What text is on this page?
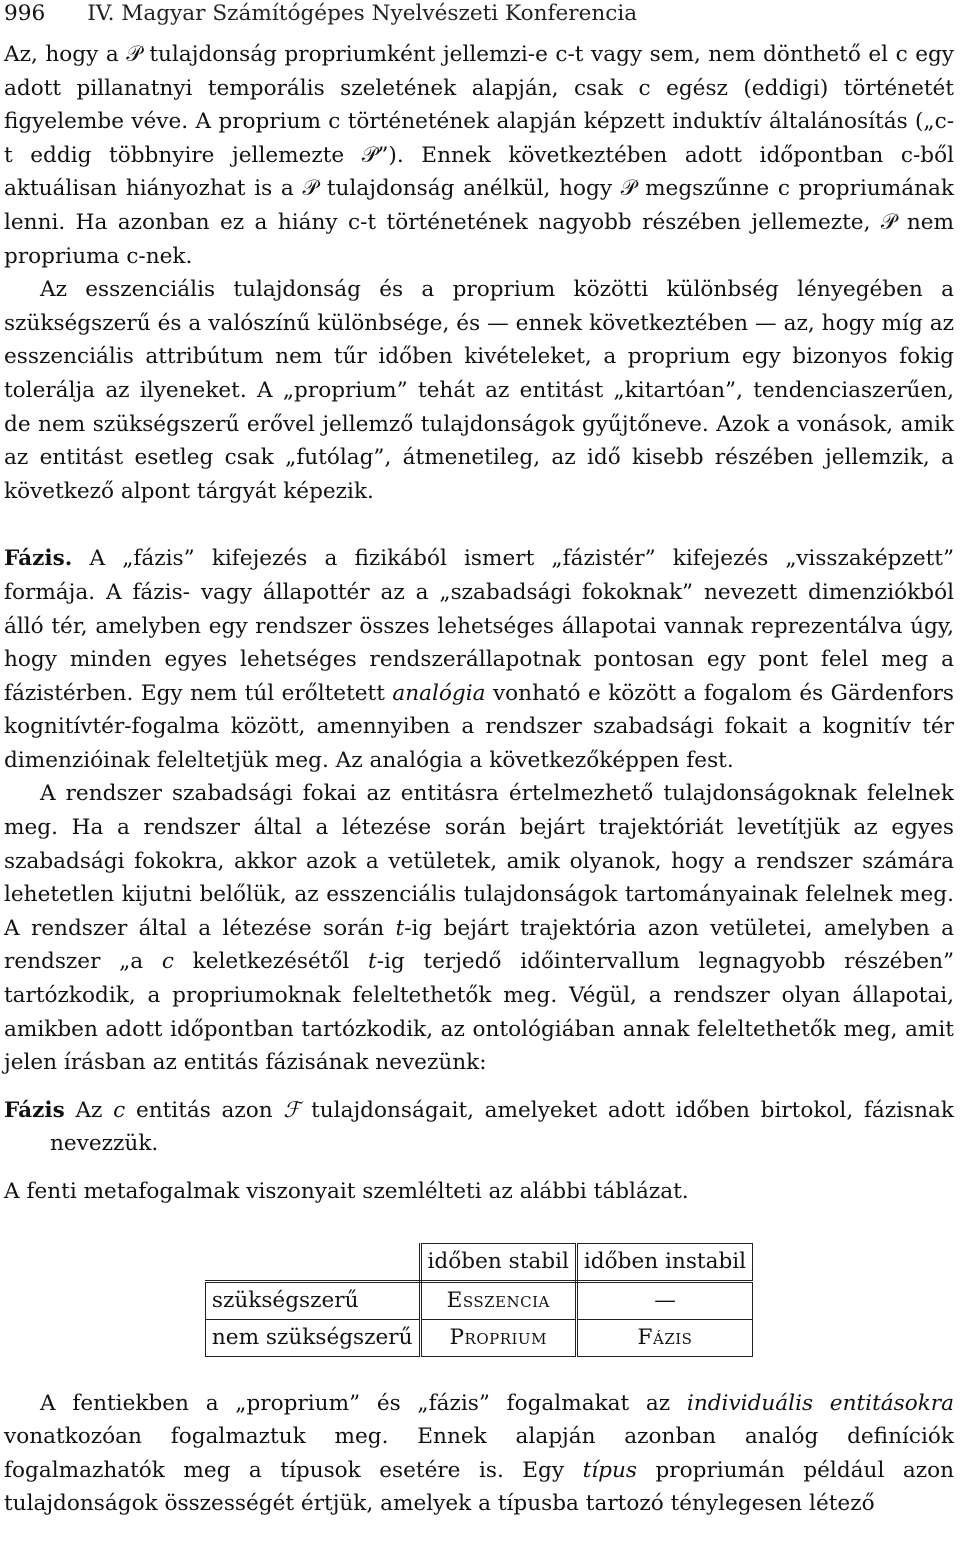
996 IV. Magyar Számítógépes Nyelvészeti Konferencia

Az, hogy a 𝒫 tulajdonság propriumként jellemzi-e c-t vagy sem, nem dönthető el c egy adott pillanatnyi temporális szeletének alapján, csak c egész (eddigi) történetét figyelembe véve. A proprium c történetének alapján képzett induktív általánosítás („c-t eddig többnyire jellemezte 𝒫”). Ennek következtében adott időpontban c-ből aktuálisan hiányozhat is a 𝒫 tulajdonság anélkül, hogy 𝒫 megszűnne c propriumának lenni. Ha azonban ez a hiány c-t történetének nagyobb részében jellemezte, 𝒫 nem propriuma c-nek.

Az esszenciális tulajdonság és a proprium közötti különbség lényegében a szükségszerű és a valószínű különbsége, és — ennek következtében — az, hogy míg az esszenciális attribútum nem tűr időben kivételeket, a proprium egy bizonyos fokig tolerálja az ilyeneket. A „proprium” tehát az entitást „kitartóan”, tendenciaszerűen, de nem szükségszerű erővel jellemző tulajdonságok gyűjtőneve. Azok a vonások, amik az entitást esetleg csak „futólag”, átmenetileg, az idő kisebb részében jellemzik, a következő alpont tárgyát képezik.

Fázis. A „fázis” kifejezés a fizikából ismert „fázistér” kifejezés „visszaképzett” formája. A fázis- vagy állapottér az a „szabadsági fokoknak” nevezett dimenziókból álló tér, amelyben egy rendszer összes lehetséges állapotai vannak reprezentálva úgy, hogy minden egyes lehetséges rendszerállapotnak pontosan egy pont felel meg a fázistérben. Egy nem túl erőltetett analógia vonható e között a fogalom és Gärdenfors kognitívtér-fogalma között, amennyiben a rendszer szabadsági fokait a kognitív tér dimenzióinak feleltetjük meg. Az analógia a következőképpen fest.

A rendszer szabadsági fokai az entitásra értelmezhető tulajdonságoknak felelnek meg. Ha a rendszer által a létezése során bejárt trajektóriát levetítjük az egyes szabadsági fokokra, akkor azok a vetületek, amik olyanok, hogy a rendszer számára lehetetlen kijutni belőlük, az esszenciális tulajdonságok tartományainak felelnek meg. A rendszer által a létezése során t-ig bejárt trajektória azon vetületei, amelyben a rendszer „a c keletkezésétől t-ig terjedő időintervallum legnagyobb részében” tartózkodik, a propriumoknak feleltethetők meg. Végül, a rendszer olyan állapotai, amikben adott időpontban tartózkodik, az ontológiában annak feleltethetők meg, amit jelen írásban az entitás fázisának nevezünk:

Fázis Az c entitás azon ℱ tulajdonságait, amelyeket adott időben birtokol, fázisnak nevezzük.

A fenti metafogalmak viszonyait szemlélteti az alábbi táblázat.

	időben stabil	időben instabil
szükségszerű	Esszencia	—
nem szükségszerű	Proprium	Fázis

A fentiekben a „proprium” és „fázis” fogalmakat az individuális entitásokra vonatkozóan fogalmaztuk meg. Ennek alapján azonban analóg definíciók fogalmazhatók meg a típusok esetére is. Egy típus propriumán például azon tulajdonságok összességét értjük, amelyek a típusba tartozó ténylegesen létező
